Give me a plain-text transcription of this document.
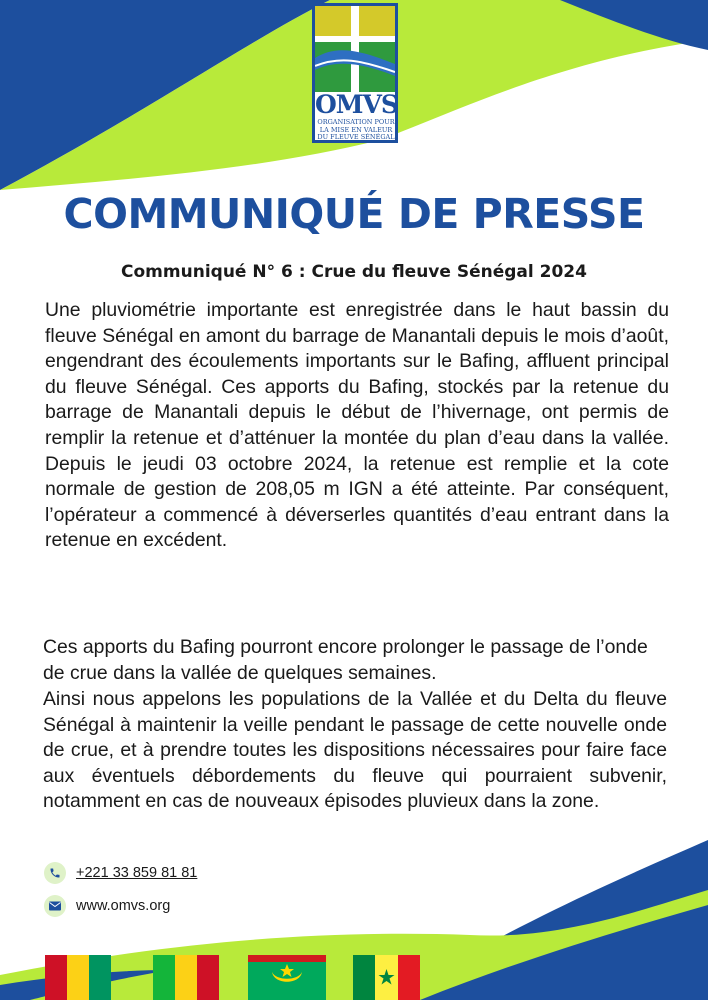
OMVS
ORGANISATION POUR
LA MISE EN VALEUR
DU FLEUVE SÉNÉGAL
COMMUNIQUÉ DE PRESSE
Communiqué N° 6 : Crue du fleuve Sénégal 2024
Une pluviométrie importante est enregistrée dans le haut bassin du fleuve Sénégal en amont du barrage de Manantali depuis le mois d’août, engendrant des écoulements importants sur le Bafing, affluent principal du fleuve Sénégal. Ces apports du Bafing, stockés par la retenue du barrage de Manantali depuis le début de l’hivernage, ont permis de remplir la retenue et d’atténuer la montée du plan d’eau dans la vallée. Depuis le jeudi 03 octobre 2024, la retenue est remplie et la cote normale de gestion de 208,05 m IGN a été atteinte. Par conséquent, l’opérateur a commencé à déverserles quantités d’eau entrant dans la retenue en excédent.
Ces apports du Bafing pourront encore prolonger le passage de l’onde de crue dans la vallée de quelques semaines.
Ainsi nous appelons les populations de la Vallée et du Delta du fleuve Sénégal à maintenir la veille pendant le passage de cette nouvelle onde de crue, et à prendre toutes les dispositions nécessaires pour faire face aux éventuels débordements du fleuve qui pourraient subvenir, notamment en cas de nouveaux épisodes pluvieux dans la zone.
+221 33 859 81 81
www.omvs.org
